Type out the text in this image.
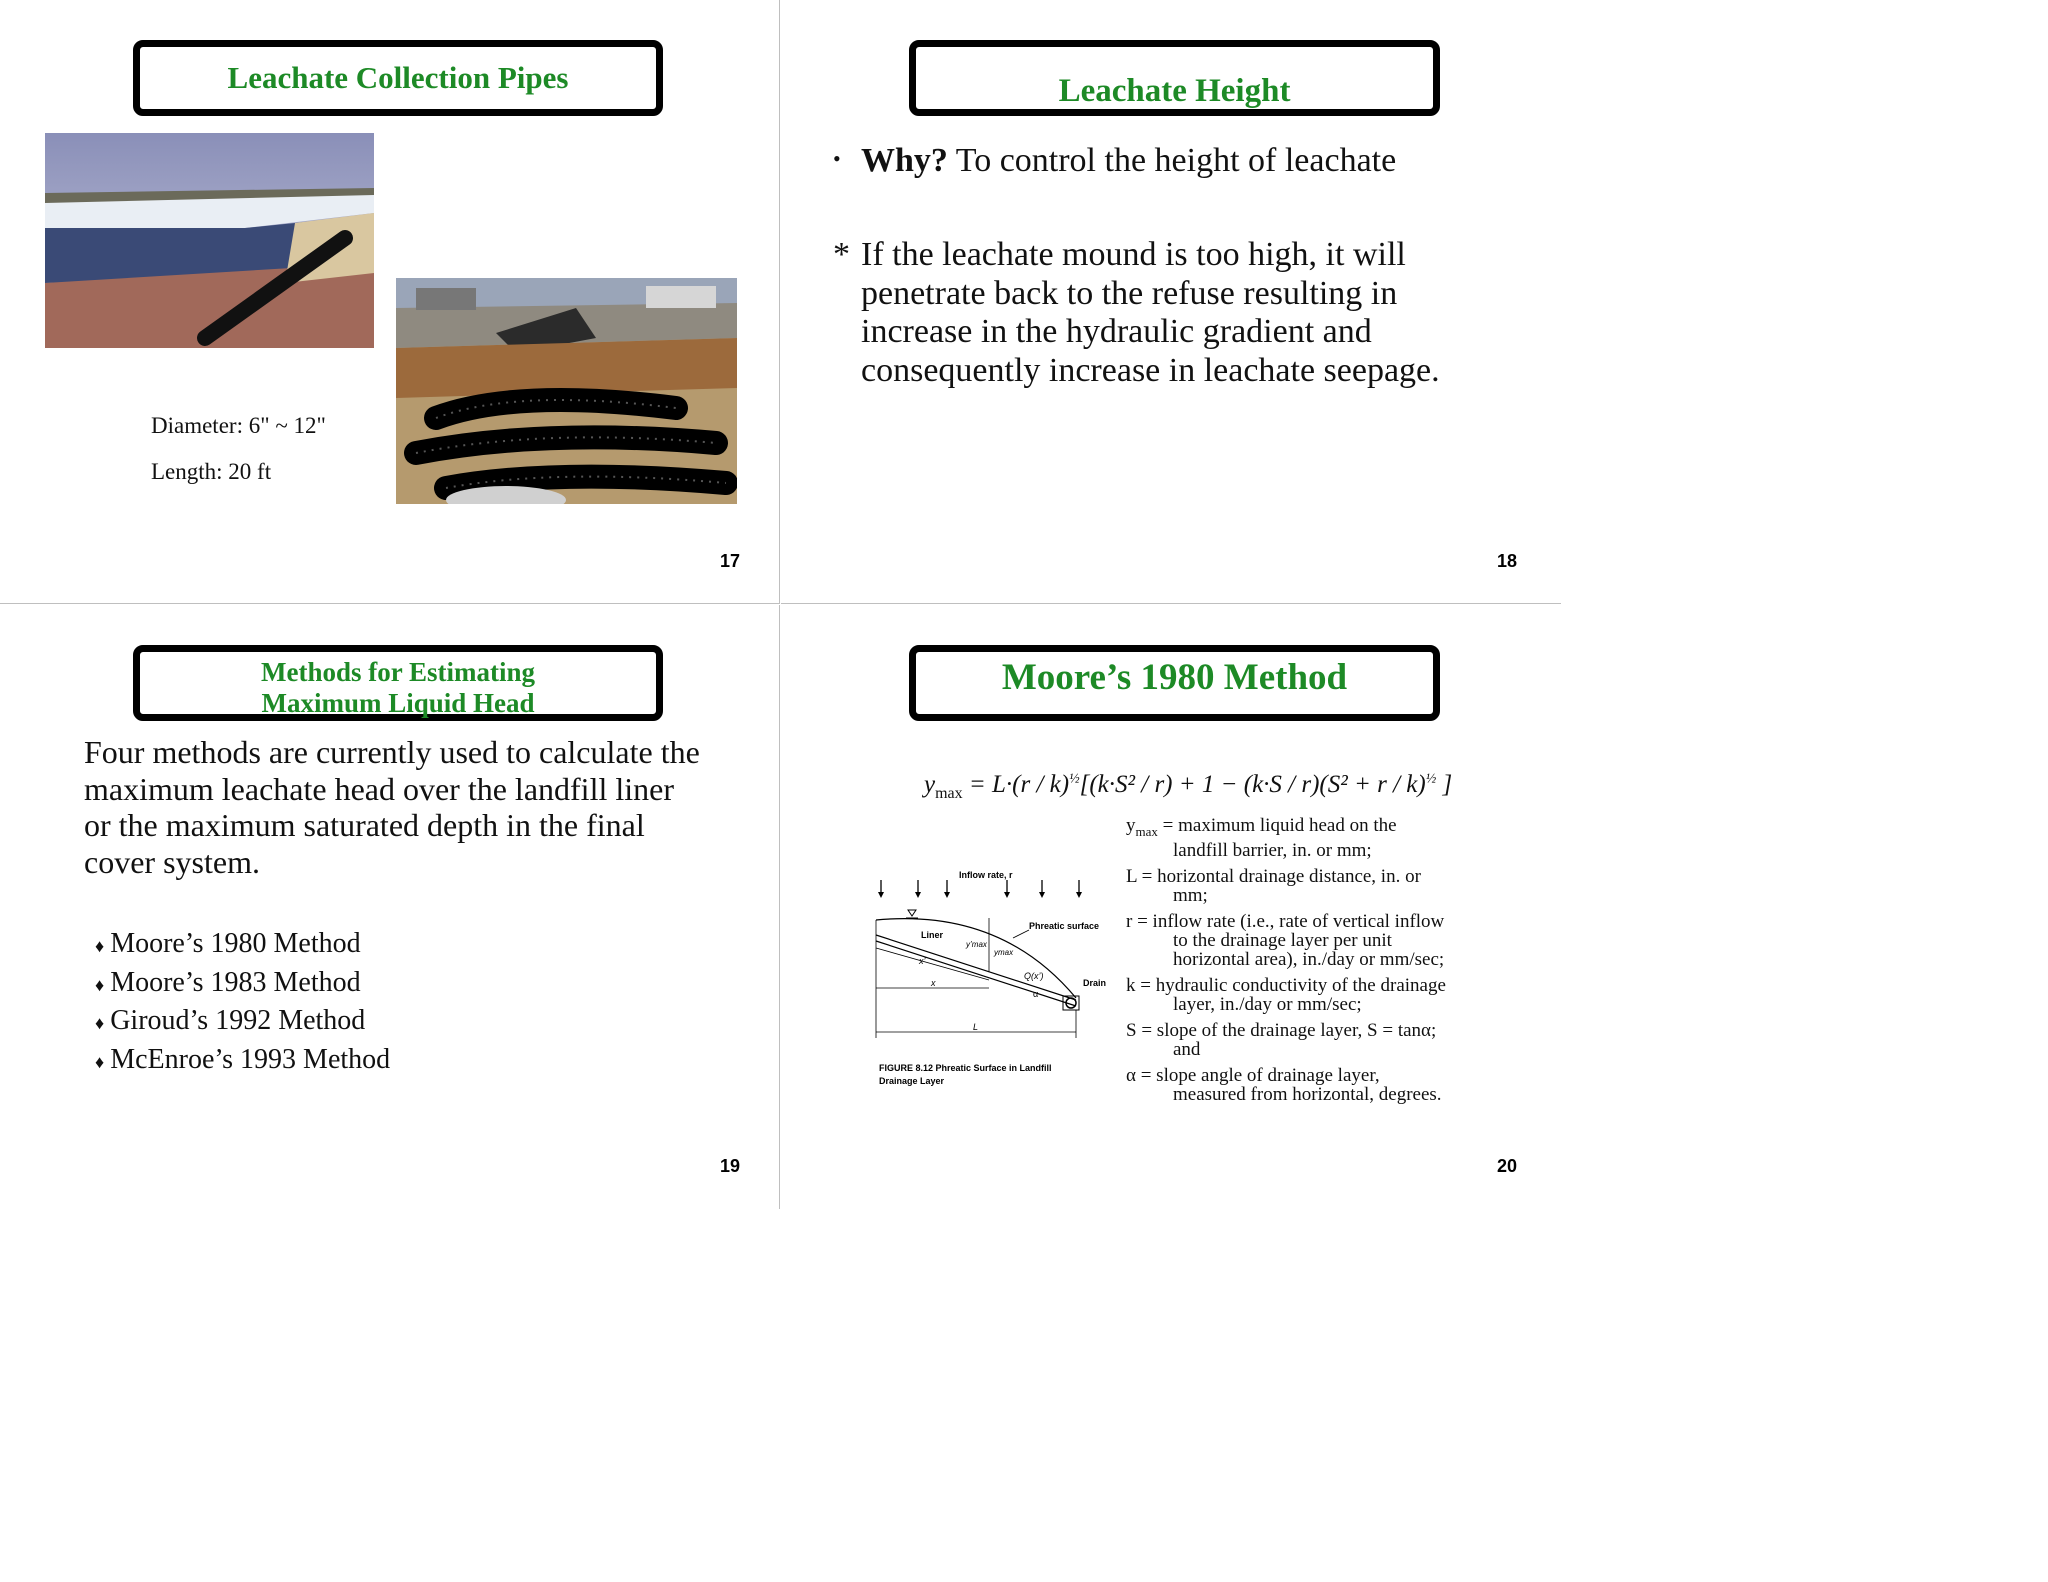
Leachate Collection Pipes
Diameter: 6" ~ 12"
Length: 20 ft
17
Leachate Height
• Why? To control the height of leachate
* If the leachate mound is too high, it will
penetrate back to the refuse resulting in
increase in the hydraulic gradient and
consequently increase in leachate seepage.
18
Methods for Estimating
Maximum Liquid Head
Four methods are currently used to calculate the
maximum leachate head over the landfill liner
or the maximum saturated depth in the final
cover system.
♦ Moore’s 1980 Method
♦ Moore’s 1983 Method
♦ Giroud’s 1992 Method
♦ McEnroe’s 1993 Method
19
Moore’s 1980 Method
$y_{max} = L\cdot(r / k)^{\frac{1}{2}}[(k\cdot S^2 / r) + 1 - (k\cdot S / r)(S^2 + r / k)^{\frac{1}{2}}$ ]
$y_{max}$ = maximum liquid head on the
landfill barrier, in. or mm;
L = horizontal drainage distance, in. or
mm;
r = inflow rate (i.e., rate of vertical inflow
to the drainage layer per unit
horizontal area), in./day or mm/sec;
k = hydraulic conductivity of the drainage
layer, in./day or mm/sec;
S = slope of the drainage layer, S = tanα;
and
α = slope angle of drainage layer,
measured from horizontal, degrees.
Inflow rate, r
Phreatic surface
Liner
y’max
ymax
Q(x’)
α
Drain
x’
x
L
FIGURE 8.12 Phreatic Surface in Landfill
Drainage Layer
20
